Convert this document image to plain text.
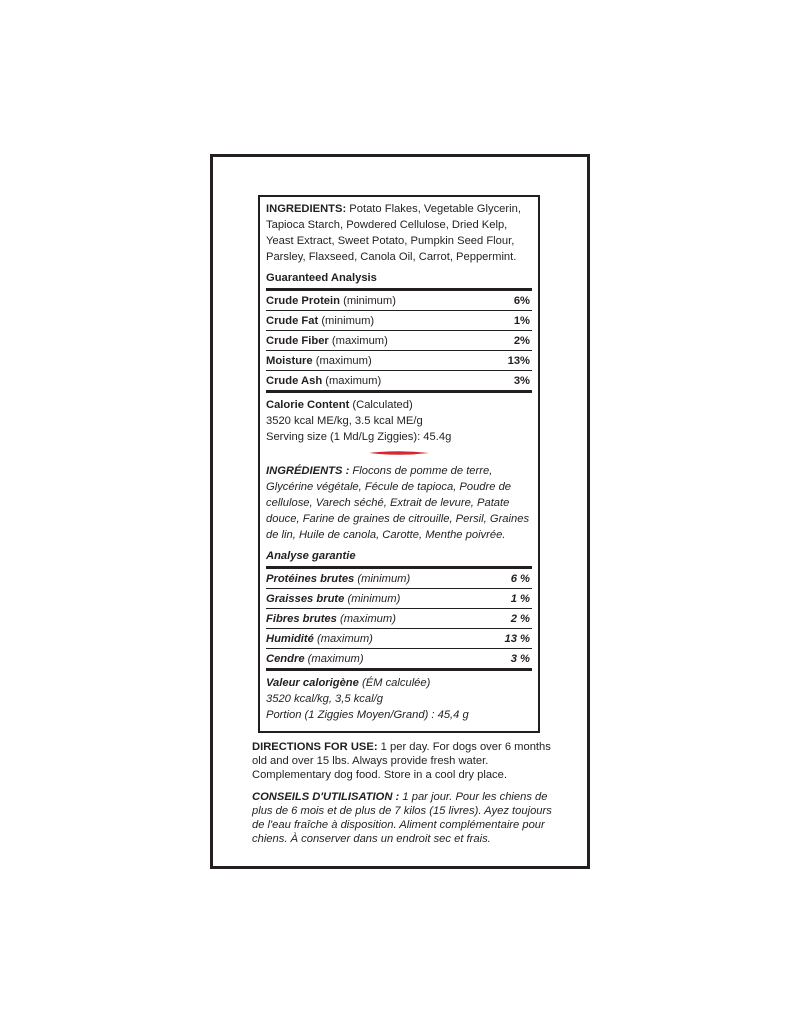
INGREDIENTS: Potato Flakes, Vegetable Glycerin, Tapioca Starch, Powdered Cellulose, Dried Kelp, Yeast Extract, Sweet Potato, Pumpkin Seed Flour, Parsley, Flaxseed, Canola Oil, Carrot, Peppermint.

Guaranteed Analysis
Crude Protein (minimum)	6%
Crude Fat (minimum)	1%
Crude Fiber (maximum)	2%
Moisture (maximum)	13%
Crude Ash (maximum)	3%
Calorie Content (Calculated)
3520 kcal ME/kg, 3.5 kcal ME/g
Serving size (1 Md/Lg Ziggies): 45.4g

INGRÉDIENTS : Flocons de pomme de terre, Glycérine végétale, Fécule de tapioca, Poudre de cellulose, Varech séché, Extrait de levure, Patate douce, Farine de graines de citrouille, Persil, Graines de lin, Huile de canola, Carotte, Menthe poivrée.

Analyse garantie
Protéines brutes (minimum)	6 %
Graisses brute (minimum)	1 %
Fibres brutes (maximum)	2 %
Humidité (maximum)	13 %
Cendre (maximum)	3 %
Valeur calorigène (ÉM calculée)
3520 kcal/kg, 3,5 kcal/g
Portion (1 Ziggies Moyen/Grand) : 45,4 g

DIRECTIONS FOR USE: 1 per day. For dogs over 6 months old and over 15 lbs. Always provide fresh water. Complementary dog food. Store in a cool dry place.

CONSEILS D'UTILISATION : 1 par jour. Pour les chiens de plus de 6 mois et de plus de 7 kilos (15 livres). Ayez toujours de l'eau fraîche à disposition. Aliment complémentaire pour chiens. À conserver dans un endroit sec et frais.
